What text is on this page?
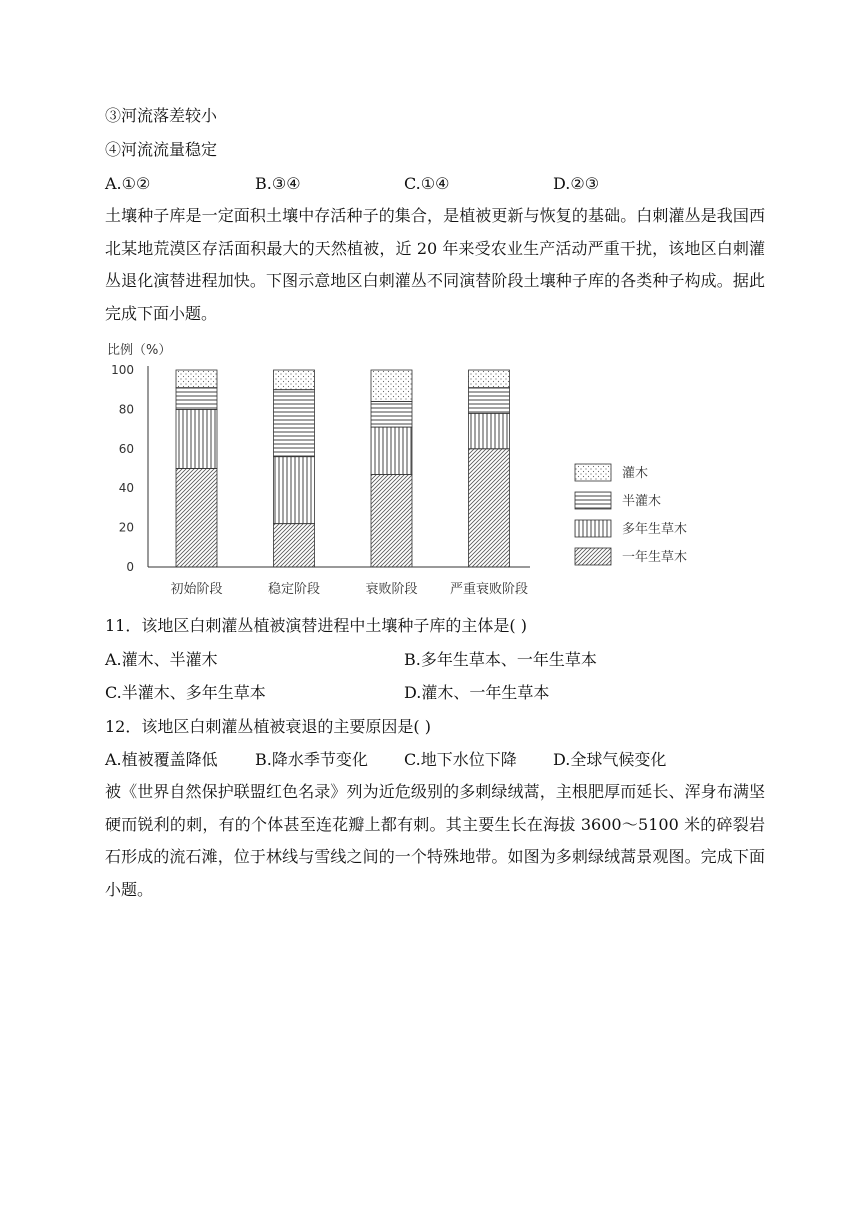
③河流落差较小
④河流流量稳定
A.①②	B.③④	C.①④	D.②③
土壤种子库是一定面积土壤中存活种子的集合，是植被更新与恢复的基础。白刺灌丛是我国西北某地荒漠区存活面积最大的天然植被，近 20 年来受农业生产活动严重干扰，该地区白刺灌丛退化演替进程加快。下图示意地区白刺灌丛不同演替阶段土壤种子库的各类种子构成。据此完成下面小题。
比例（%）
0
20
40
60
80
100
初始阶段	稳定阶段	衰败阶段 严重衰败阶段
灌木
半灌木
多年生草木
一年生草木
11．该地区白刺灌丛植被演替进程中土壤种子库的主体是( )
A.灌木、半灌木	B.多年生草本、一年生草本
C.半灌木、多年生草本	D.灌木、一年生草本
12．该地区白刺灌丛植被衰退的主要原因是( )
A.植被覆盖降低 B.降水季节变化 C.地下水位下降 D.全球气候变化
被《世界自然保护联盟红色名录》列为近危级别的多刺绿绒蒿，主根肥厚而延长、浑身布满坚硬而锐利的刺，有的个体甚至连花瓣上都有刺。其主要生长在海拔 3600～5100 米的碎裂岩石形成的流石滩，位于林线与雪线之间的一个特殊地带。如图为多刺绿绒蒿景观图。完成下面小题。
